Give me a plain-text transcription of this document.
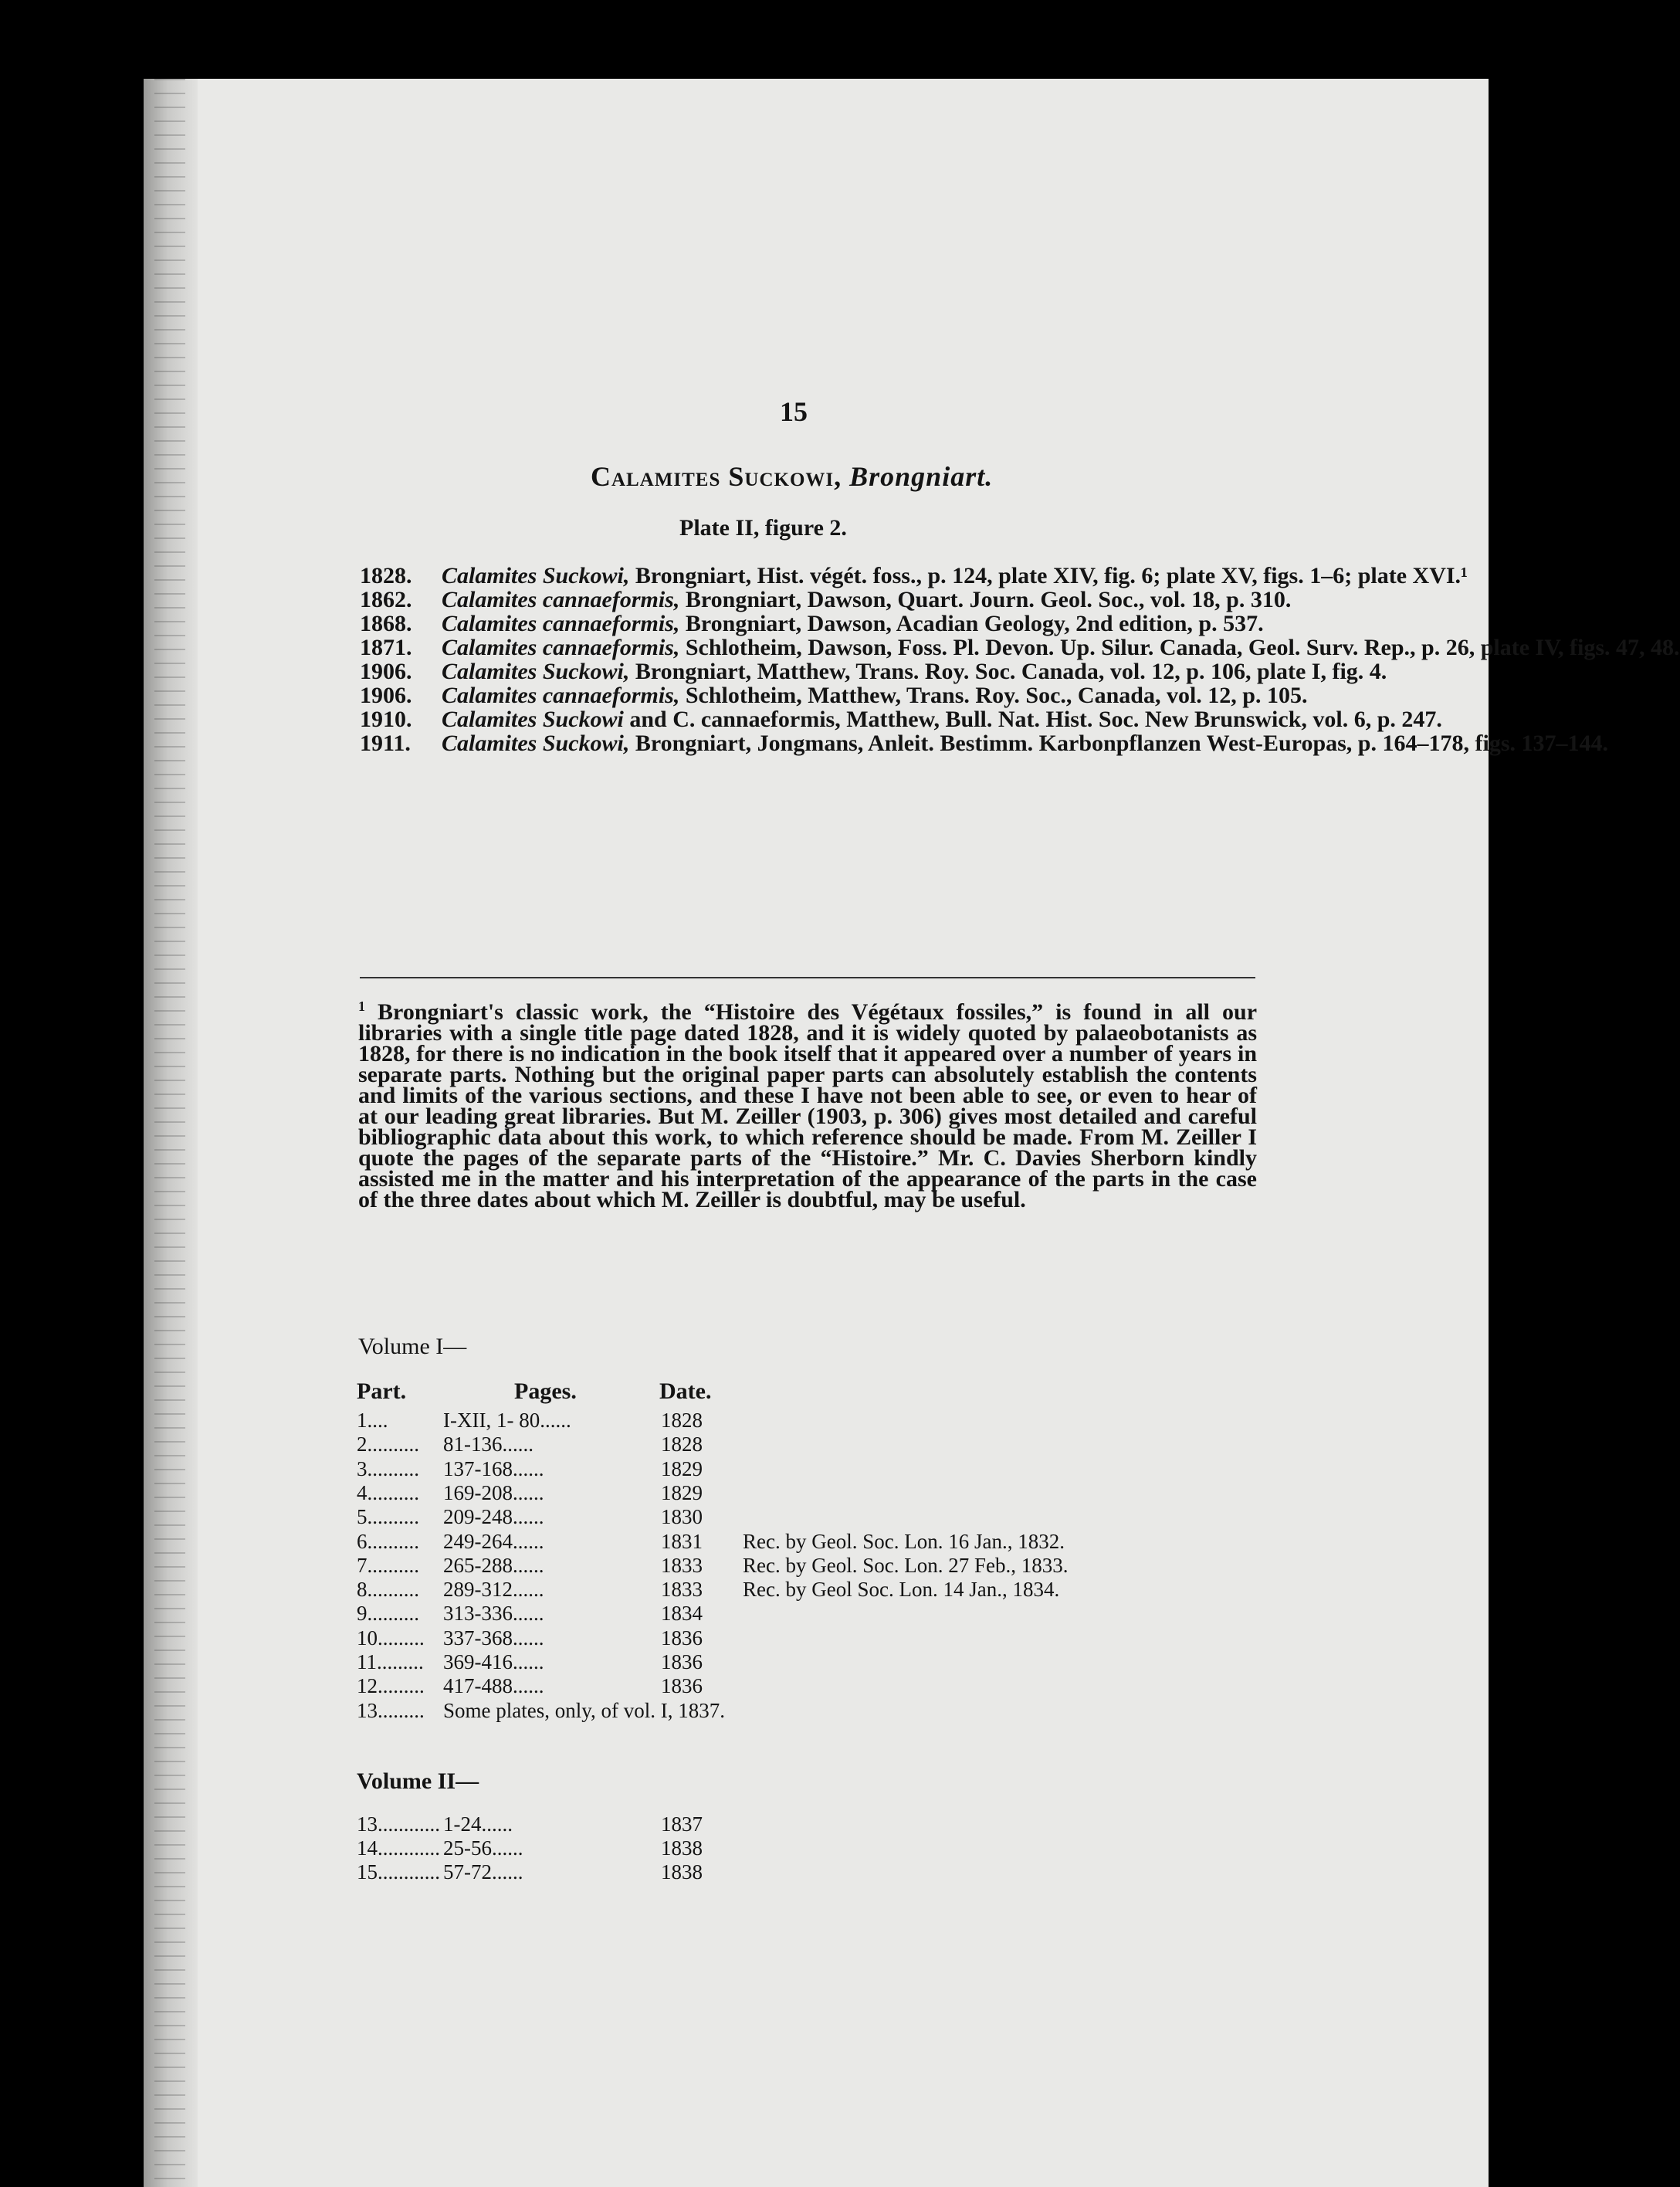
15
Calamites Suckowi, Brongniart.
Plate II, figure 2.
1828.	Calamites Suckowi, Brongniart, Hist. végét. foss., p. 124, plate XIV, fig. 6; plate XV, figs. 1–6; plate XVI.¹
1862.	Calamites cannaeformis, Brongniart, Dawson, Quart. Journ. Geol. Soc., vol. 18, p. 310.
1868.	Calamites cannaeformis, Brongniart, Dawson, Acadian Geology, 2nd edition, p. 537.
1871.	Calamites cannaeformis, Schlotheim, Dawson, Foss. Pl. Devon. Up. Silur. Canada, Geol. Surv. Rep., p. 26, plate IV, figs. 47, 48.
1906.	Calamites Suckowi, Brongniart, Matthew, Trans. Roy. Soc. Canada, vol. 12, p. 106, plate I, fig. 4.
1906.	Calamites cannaeformis, Schlotheim, Matthew, Trans. Roy. Soc., Canada, vol. 12, p. 105.
1910.	Calamites Suckowi and C. cannaeformis, Matthew, Bull. Nat. Hist. Soc. New Brunswick, vol. 6, p. 247.
1911.	Calamites Suckowi, Brongniart, Jongmans, Anleit. Bestimm. Karbonpflanzen West-Europas, p. 164–178, figs. 137–144.
$^1$ Brongniart's classic work, the “Histoire des Végétaux fossiles,” is found in all our libraries with a single title page dated 1828, and it is widely quoted by palaeobotanists as 1828, for there is no indication in the book itself that it appeared over a number of years in separate parts. Nothing but the original paper parts can absolutely establish the contents and limits of the various sections, and these I have not been able to see, or even to hear of at our leading great libraries. But M. Zeiller (1903, p. 306) gives most detailed and careful bibliographic data about this work, to which reference should be made. From M. Zeiller I quote the pages of the separate parts of the “Histoire.” Mr. C. Davies Sherborn kindly assisted me in the matter and his interpretation of the appearance of the parts in the case of the three dates about which M. Zeiller is doubtful, may be useful.
Volume I—
Part.	Pages.	Date.
1....	I-XII, 1- 80......	1828
2.......... 81-136......	1828
3.......... 137-168......	1829
4.......... 169-208......	1829
5.......... 209-248......	1830
6.......... 249-264......	1831 Rec. by Geol. Soc. Lon. 16 Jan., 1832.
7.......... 265-288......	1833 Rec. by Geol. Soc. Lon. 27 Feb., 1833.
8.......... 289-312......	1833 Rec. by Geol Soc. Lon. 14 Jan., 1834.
9.......... 313-336......	1834
10......... 337-368......	1836
11......... 369-416......	1836
12......... 417-488......	1836
13......... Some plates, only, of vol. I, 1837.
Volume II—
13............ 1-24......	1837
14............ 25-56......	1838
15............ 57-72......	1838
